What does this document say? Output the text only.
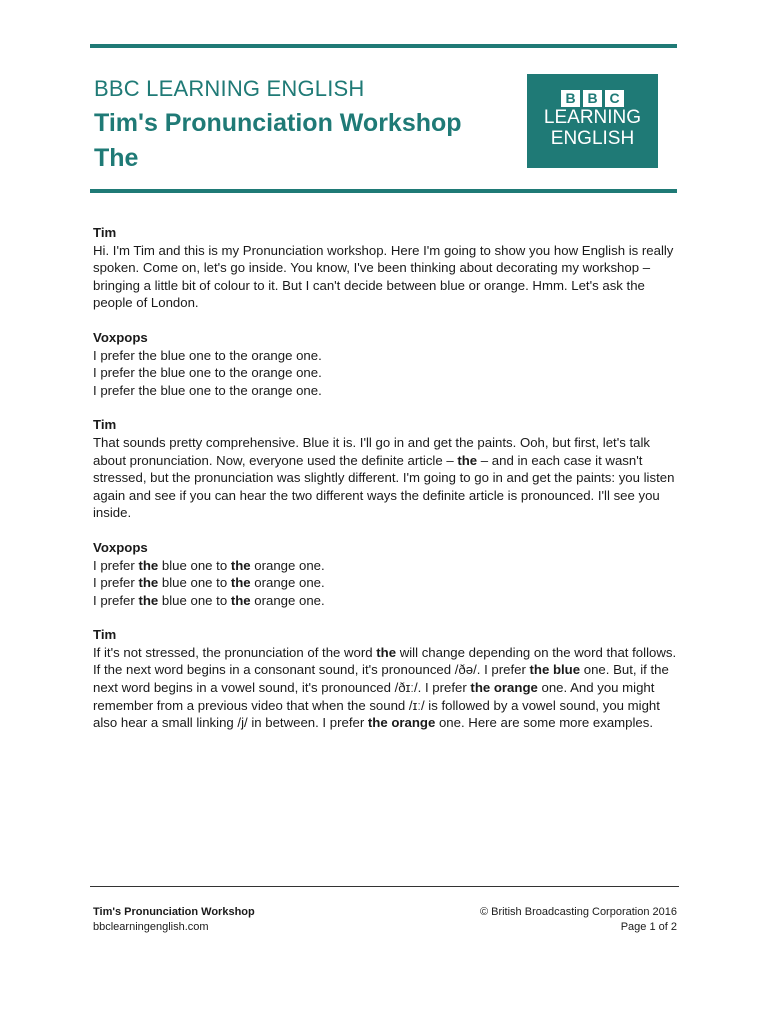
BBC LEARNING ENGLISH
Tim's Pronunciation Workshop
The
B B C
LEARNING
ENGLISH

Tim

Hi. I'm Tim and this is my Pronunciation workshop. Here I'm going to show you how English is really spoken. Come on, let's go inside. You know, I've been thinking about decorating my workshop – bringing a little bit of colour to it. But I can't decide between blue or orange. Hmm. Let's ask the people of London.

Voxpops

I prefer the blue one to the orange one.

I prefer the blue one to the orange one.

I prefer the blue one to the orange one.

Tim

That sounds pretty comprehensive. Blue it is. I'll go in and get the paints. Ooh, but first, let's talk about pronunciation. Now, everyone used the definite article – the – and in each case it wasn't stressed, but the pronunciation was slightly different. I'm going to go in and get the paints: you listen again and see if you can hear the two different ways the definite article is pronounced. I'll see you inside.

Voxpops

I prefer the blue one to the orange one.

I prefer the blue one to the orange one.

I prefer the blue one to the orange one.

Tim

If it's not stressed, the pronunciation of the word the will change depending on the word that follows. If the next word begins in a consonant sound, it's pronounced /ðə/. I prefer the blue one. But, if the next word begins in a vowel sound, it's pronounced /ðɪː/. I prefer the orange one. And you might remember from a previous video that when the sound /ɪː/ is followed by a vowel sound, you might also hear a small linking /j/ in between. I prefer the orange one. Here are some more examples.

Tim's Pronunciation Workshop
bbclearningenglish.com
© British Broadcasting Corporation 2016
Page 1 of 2
